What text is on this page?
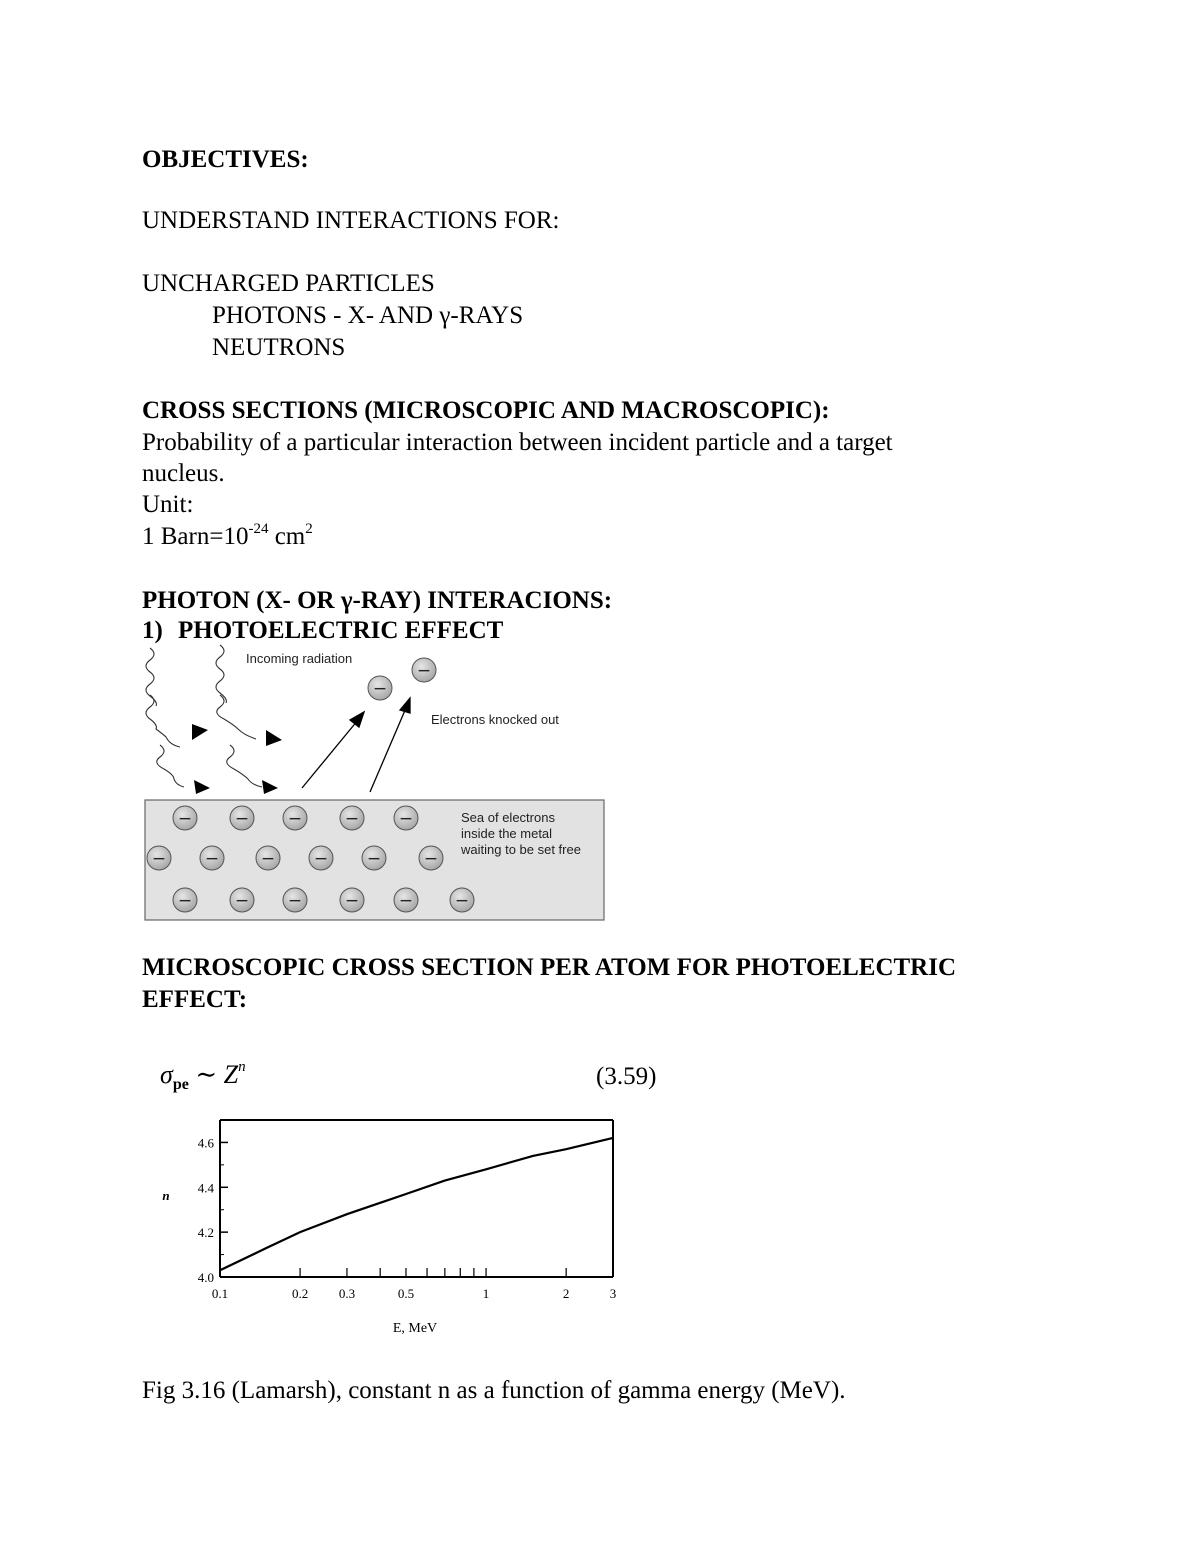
OBJECTIVES:
UNDERSTAND INTERACTIONS FOR:
UNCHARGED PARTICLES
PHOTONS - X- AND γ-RAYS
NEUTRONS
CROSS SECTIONS (MICROSCOPIC AND MACROSCOPIC):
Probability of a particular interaction between incident particle and a target
nucleus.
Unit:
1 $Barn=10^{-24}$ $cm^2$
PHOTON (X- OR γ-RAY) INTERACIONS:
1) PHOTOELECTRIC EFFECT
−
−
−	− −	− −
− − − − −	−
−	− −	− − −
Incoming radiation
Electrons knocked out
Sea of electrons
inside the metal
waiting to be set free
MICROSCOPIC CROSS SECTION PER ATOM FOR PHOTOELECTRIC
EFFECT:
$\sigma_{pe}$ ∼ $Z^n$	(3.59)
4.0
4.2
4.4
4.6
0.1	0.2 0.3	0.5	1	2	3
n
E, MeV
Fig 3.16 (Lamarsh), constant n as a function of gamma energy (MeV).
